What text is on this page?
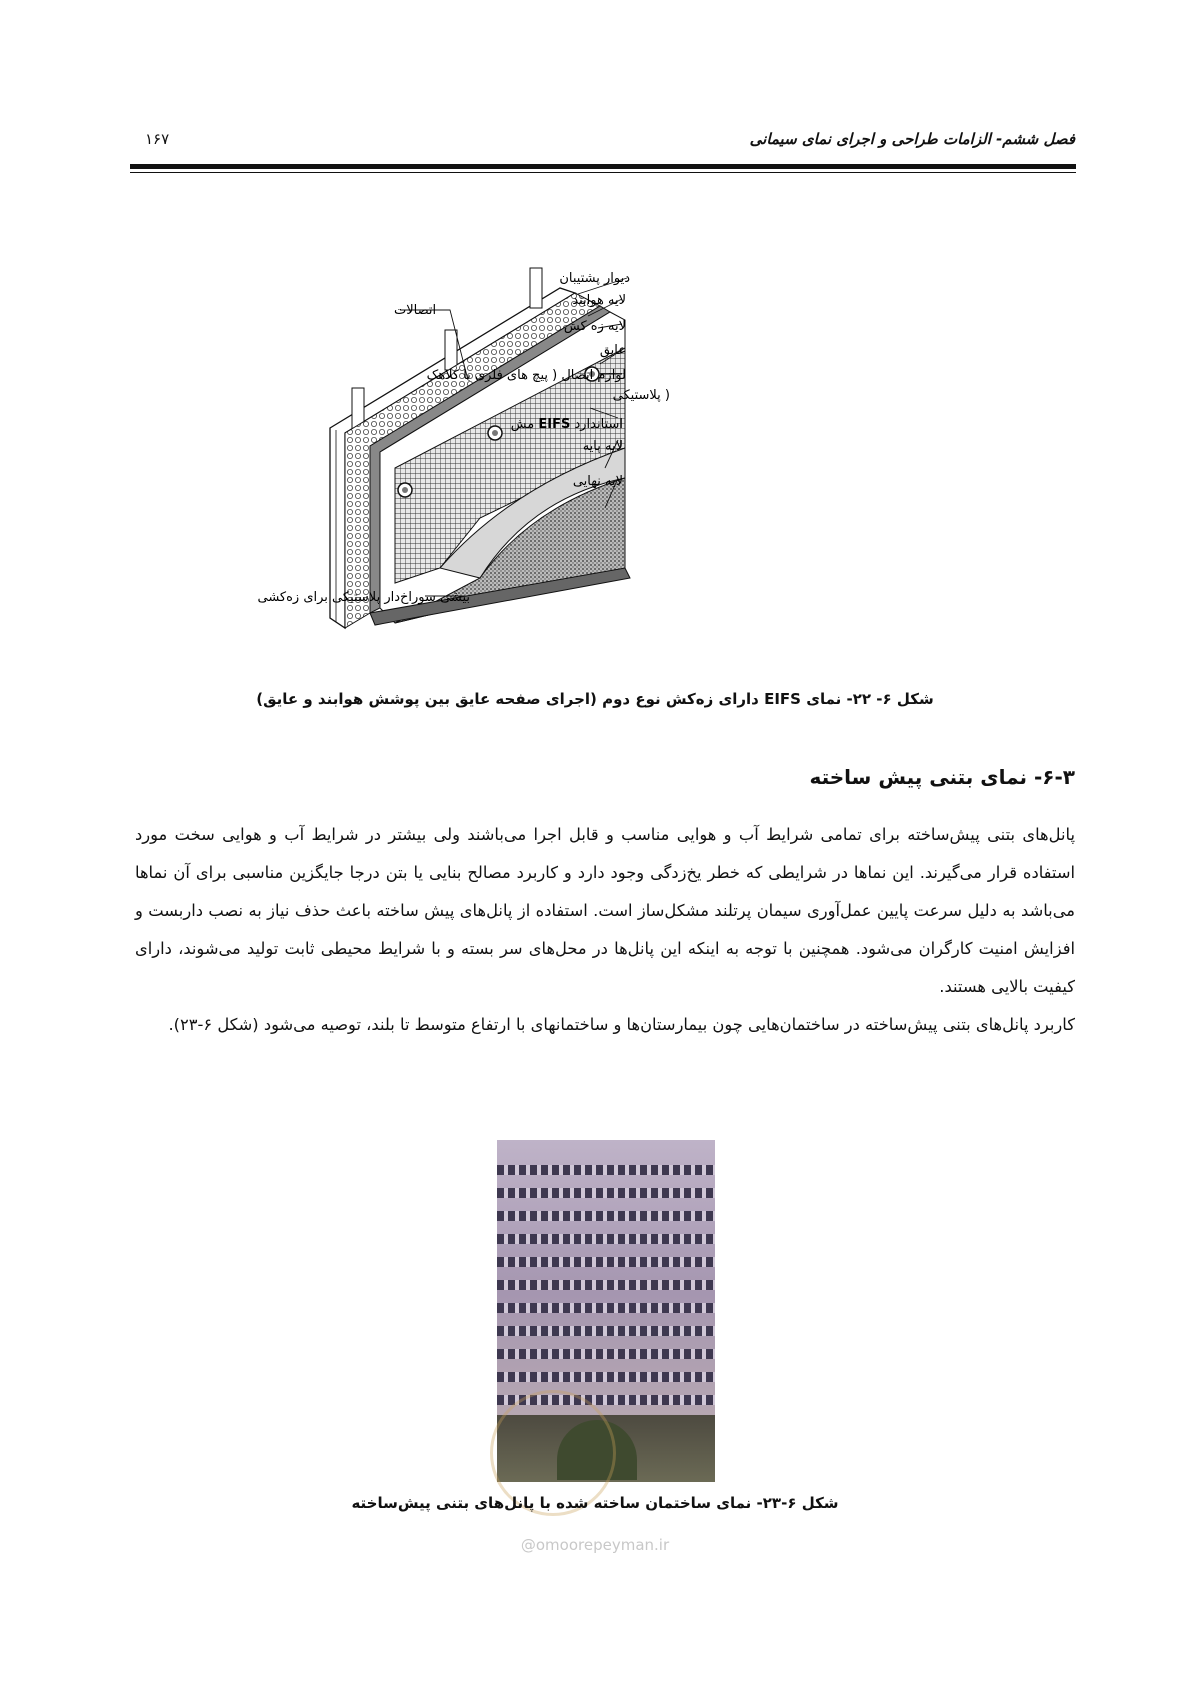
فصل ششم- الزامات طراحی و اجرای نمای سیمانی
۱۶۷
اتصالات
دیوار پشتیبان
لایه هوابند
لایه زه کش
عایق
لوازم اتصال ( پیچ های فلزی با کلاهک
( پلاستیکی
استاندارد EIFS مش
لایه پایه
لایه نهایی
بیشی سوراخ‌دار پلاستیکی برای زه‌کشی
شکل ۶- ۲۲- نمای EIFS دارای زه‌کش نوع دوم (اجرای صفحه عایق بین پوشش هوابند و عایق)
۶-۳- نمای بتنی پیش ساخته

پانل‌های بتنی پیش‌ساخته برای تمامی شرایط آب و هوایی مناسب و قابل اجرا می‌باشند ولی بیشتر در شرایط آب و هوایی سخت مورد استفاده قرار می‌گیرند. این نماها در شرایطی که خطر یخ‌زدگی وجود دارد و کاربرد مصالح بنایی یا بتن درجا جایگزین مناسبی برای آن نماها می‌باشد به دلیل سرعت پایین عمل‌آوری سیمان پرتلند مشکل‌ساز است. استفاده از پانل‌های پیش ساخته باعث حذف نیاز به نصب داربست و افزایش امنیت کارگران می‌شود. همچنین با توجه به اینکه این پانل‌ها در محل‌های سر بسته و با شرایط محیطی ثابت تولید می‌شوند، دارای کیفیت بالایی هستند.

کاربرد پانل‌های بتنی پیش‌ساخته در ساختمان‌هایی چون بیمارستان‌ها و ساختمانهای با ارتفاع متوسط تا بلند، توصیه می‌شود (شکل ۶-۲۳).

شکل ۶-۲۳- نمای ساختمان ساخته شده با پانل‌های بتنی پیش‌ساخته
@omoorepeyman.ir
